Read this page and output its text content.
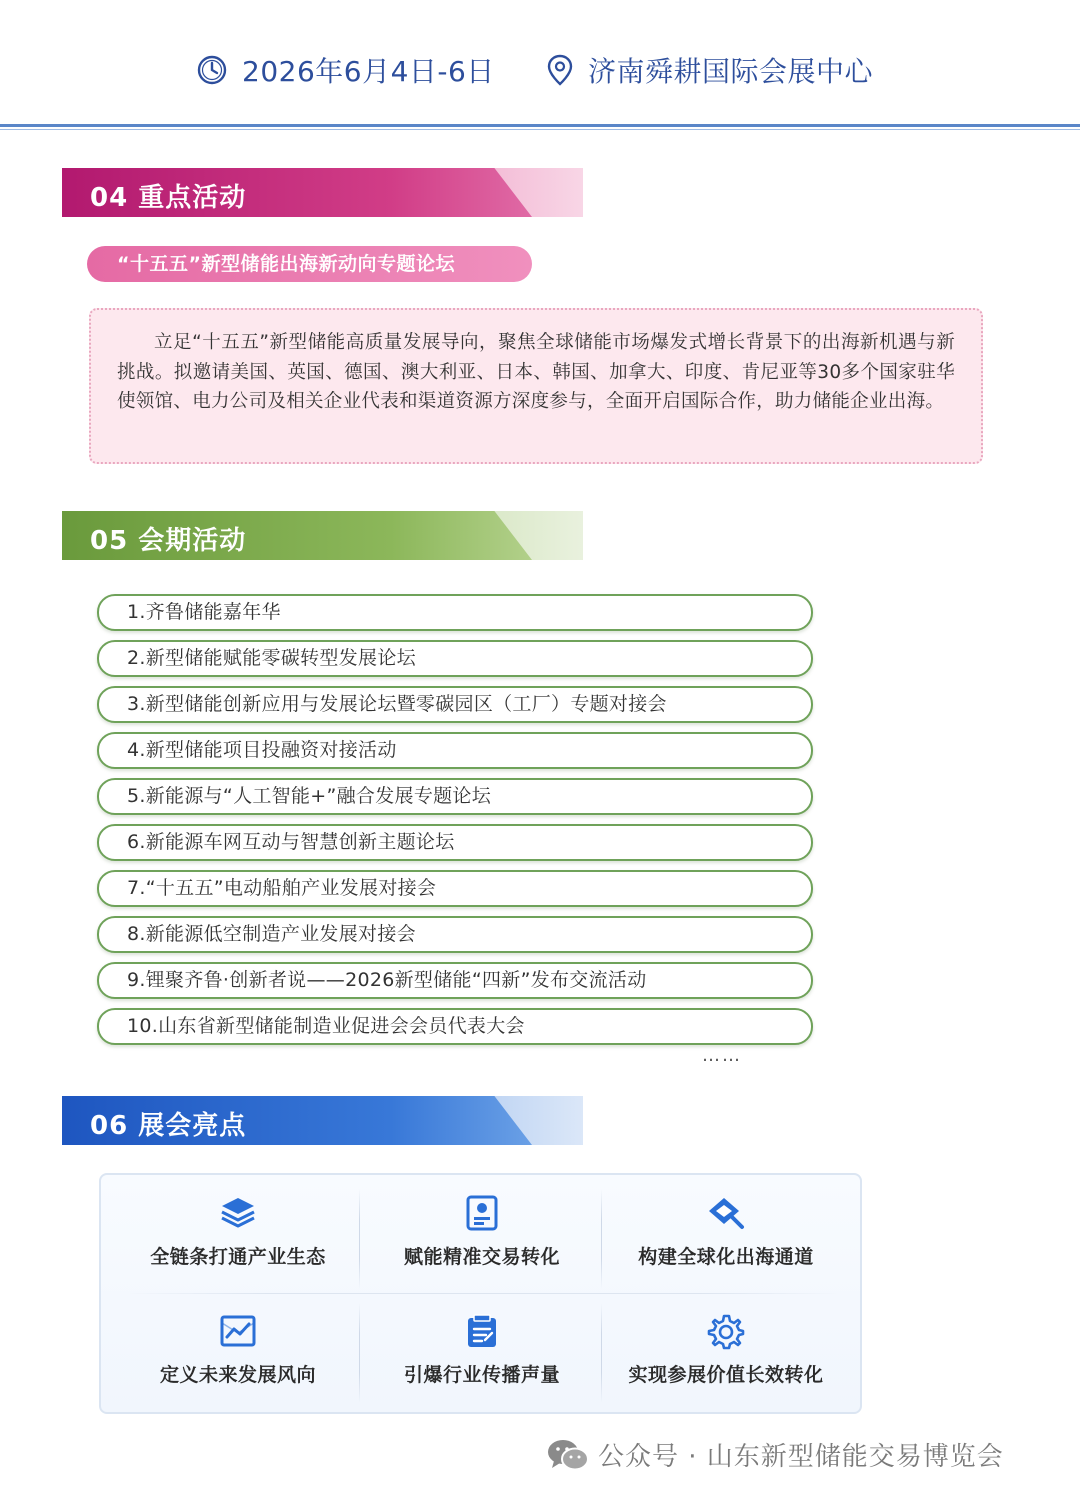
2026年6月4日-6日	济南舜耕国际会展中心
04 重点活动
“十五五”新型储能出海新动向专题论坛

立足“十五五”新型储能高质量发展导向，聚焦全球储能市场爆发式增长背景下的出海新机遇与新挑战。拟邀请美国、英国、德国、澳大利亚、日本、韩国、加拿大、印度、肯尼亚等30多个国家驻华使领馆、电力公司及相关企业代表和渠道资源方深度参与，全面开启国际合作，助力储能企业出海。

05 会期活动
1.齐鲁储能嘉年华
2.新型储能赋能零碳转型发展论坛
3.新型储能创新应用与发展论坛暨零碳园区（工厂）专题对接会
4.新型储能项目投融资对接活动
5.新能源与“人工智能+”融合发展专题论坛
6.新能源车网互动与智慧创新主题论坛
7.“十五五”电动船舶产业发展对接会
8.新能源低空制造产业发展对接会
9.锂聚齐鲁·创新者说——2026新型储能“四新”发布交流活动
10.山东省新型储能制造业促进会会员代表大会
……
06 展会亮点
全链条打通产业生态	赋能精准交易转化	构建全球化出海通道
定义未来发展风向	引爆行业传播声量	实现参展价值长效转化
公众号 · 山东新型储能交易博览会
